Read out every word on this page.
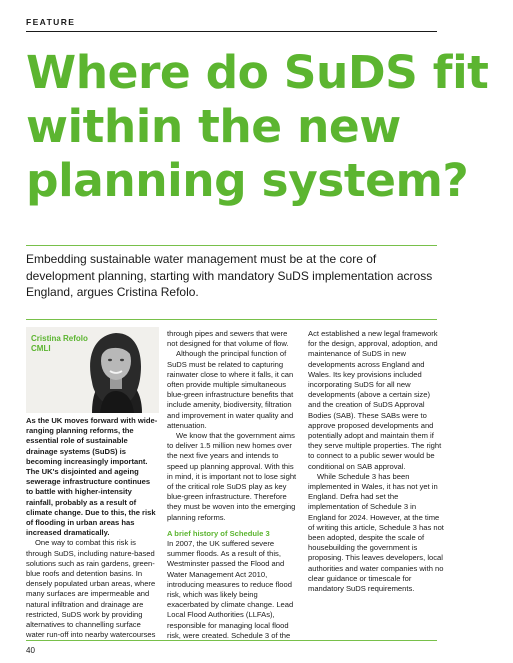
FEATURE
Where do SuDS fit
within the new
planning system?
Embedding sustainable water management must be at the core of development planning, starting with mandatory SuDS implementation across England, argues Cristina Refolo.
Cristina Refolo
CMLI

As the UK moves forward with wide-ranging planning reforms, the essential role of sustainable drainage systems (SuDS) is becoming increasingly important. The UK's disjointed and ageing sewerage infrastructure continues to battle with higher-intensity rainfall, probably as a result of climate change. Due to this, the risk of flooding in urban areas has increased dramatically.

One way to combat this risk is through SuDS, including nature-based solutions such as rain gardens, green-blue roofs and detention basins. In densely populated urban areas, where many surfaces are impermeable and natural infiltration and drainage are restricted, SuDS work by providing alternatives to channelling surface water run-off into nearby watercourses

through pipes and sewers that were not designed for that volume of flow.

Although the principal function of SuDS must be related to capturing rainwater close to where it falls, it can often provide multiple simultaneous blue-green infrastructure benefits that include amenity, biodiversity, filtration and improvement in water quality and attenuation.

We know that the government aims to deliver 1.5 million new homes over the next five years and intends to speed up planning approval. With this in mind, it is important not to lose sight of the critical role SuDS play as key blue-green infrastructure. Therefore they must be woven into the emerging planning reforms.

A brief history of Schedule 3

In 2007, the UK suffered severe summer floods. As a result of this, Westminster passed the Flood and Water Management Act 2010, introducing measures to reduce flood risk, which was likely being exacerbated by climate change. Lead Local Flood Authorities (LLFAs), responsible for managing local flood risk, were created. Schedule 3 of the

Act established a new legal framework for the design, approval, adoption, and maintenance of SuDS in new developments across England and Wales. Its key provisions included incorporating SuDS for all new developments (above a certain size) and the creation of SuDS Approval Bodies (SAB). These SABs were to approve proposed developments and potentially adopt and maintain them if they serve multiple properties. The right to connect to a public sewer would be conditional on SAB approval.

While Schedule 3 has been implemented in Wales, it has not yet in England. Defra had set the implementation of Schedule 3 in England for 2024. However, at the time of writing this article, Schedule 3 has not been adopted, despite the scale of housebuilding the government is proposing. This leaves developers, local authorities and water companies with no clear guidance or timescale for mandatory SuDS requirements.

40
